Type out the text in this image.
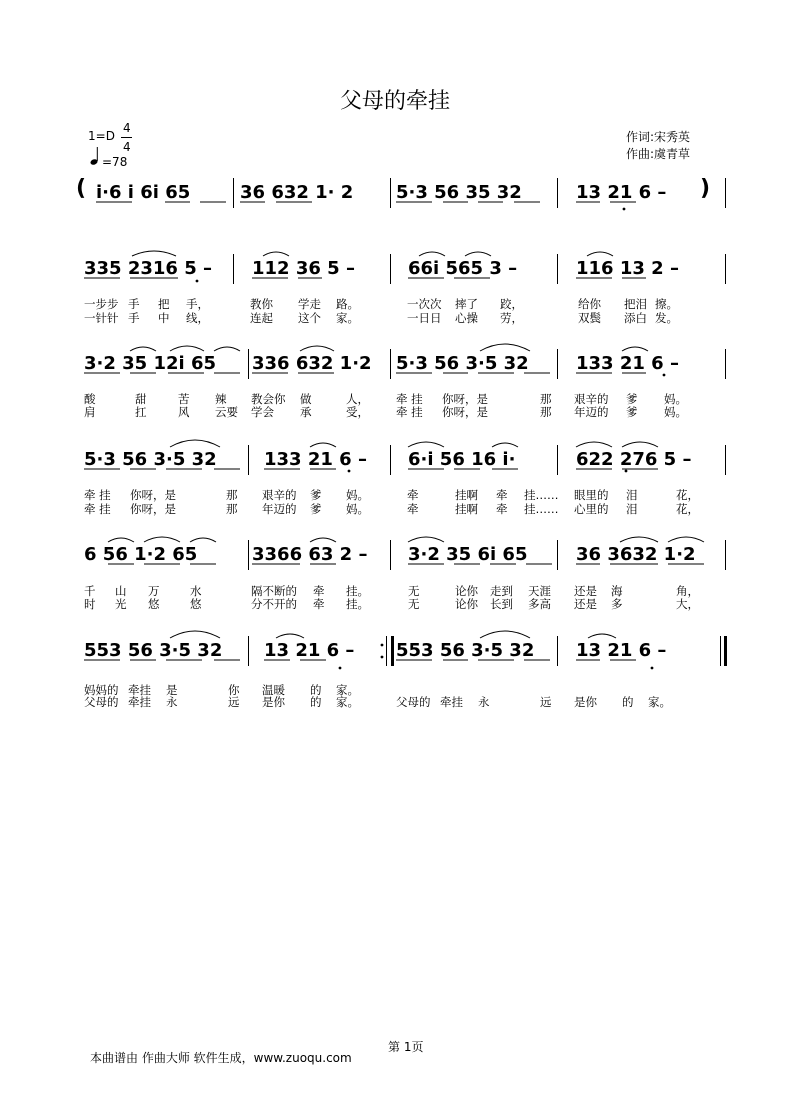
父母的牵挂
1=D
4
4
=78
作词:宋秀英
作曲:虞青草
( i·6 i 6i 65	36 632 1· 2 5·3 56 35 32	13 21 6 – )
335 2316 5 – 112 36 5 –	66i 565 3 –	116 13 2 –
一步步 手 把 手，	教你 学走 路。	一次次 摔了 跤，	给你 把泪 擦。
一针针 手 中 线，	连起 这个 家。	一日日 心操 劳，	双鬓 添白 发。
3·2 35 12i 65 336 632 1·2 5·3 56 3·5 32	133 21 6 –
酸	甜	苦 辣 教会你 做	人， 牵 挂 你呀，是	那 艰辛的 爹 妈。
肩	扛	风 云要 学会 承	受， 牵 挂 你呀，是	那 年迈的 爹 妈。
5·3 56 3·5 32	133 21 6 – 6·i 56 16 i·	622 276 5 –
牵 挂 你呀，是	那 艰辛的 爹 妈。	牵	挂啊 牵 挂…… 眼里的 泪	花，
牵 挂 你呀，是	那 年迈的 爹 妈。	牵	挂啊 牵 挂…… 心里的 泪	花，
6 56 1·2 65	3366 63 2 – 3·2 35 6i 65	36 3632 1·2
千 山 万	水	隔不断的 牵 挂。	无	论你 走到 天涯 还是 海	角，
时 光 悠	悠	分不开的 牵 挂。	无	论你 长到 多高 还是 多	大，
553 56 3·5 32 13 21 6 – 553 56 3·5 32 13 21 6 –
妈妈的 牵挂 是	你 温暖 的 家。
父母的 牵挂 永	远 是你 的 家。	父母的 牵挂 永	远 是你 的 家。
第 1页
本曲谱由 作曲大师 软件生成，www.zuoqu.com
